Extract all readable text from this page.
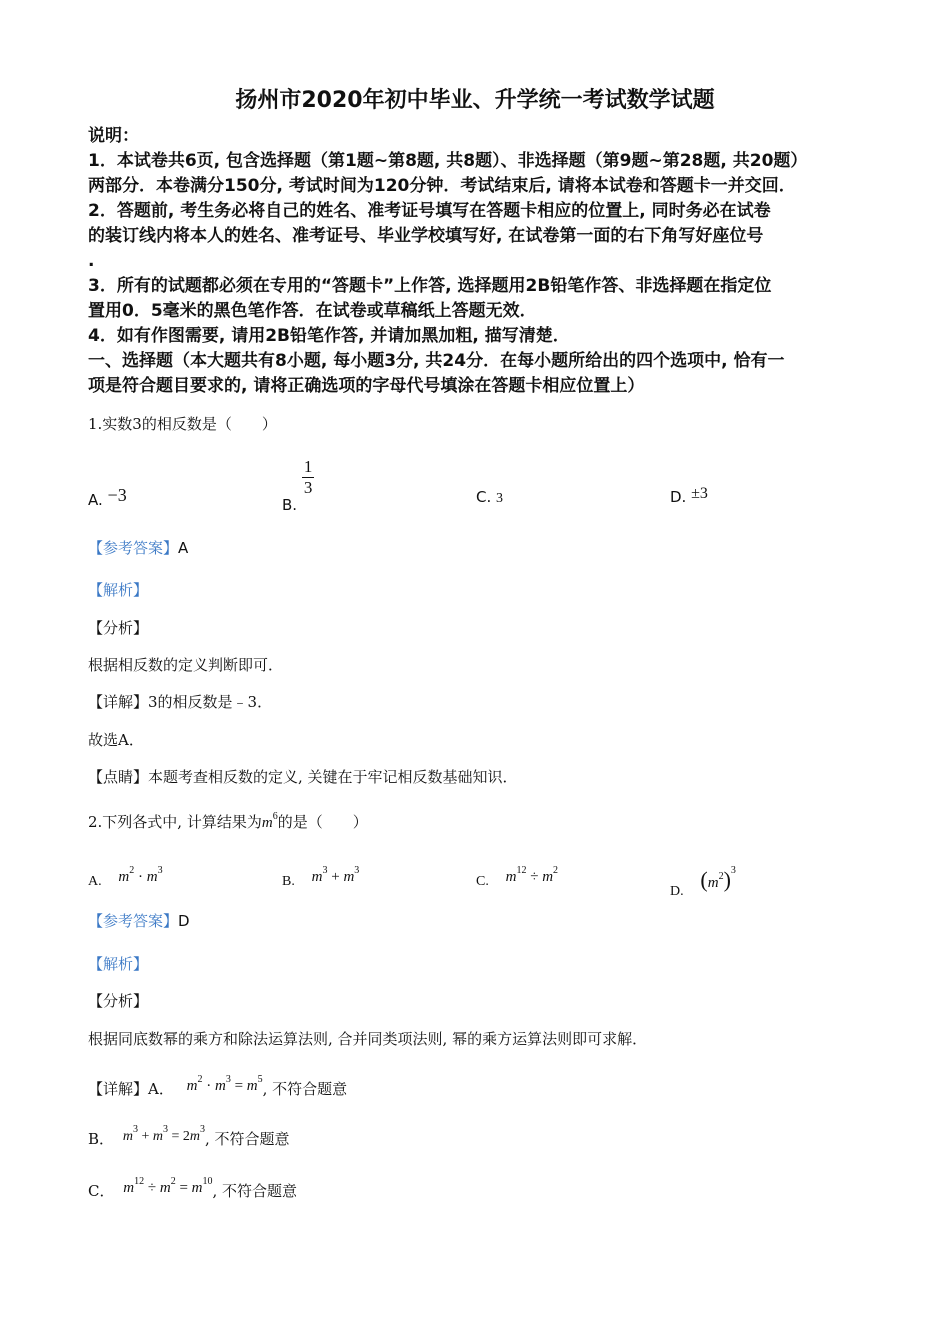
扬州市2020年初中毕业、升学统一考试数学试题
说明：
1．本试卷共6页, 包含选择题（第1题~第8题, 共8题）、非选择题（第9题~第28题, 共20题）
两部分．本卷满分150分, 考试时间为120分钟．考试结束后, 请将本试卷和答题卡一并交回．
2．答题前, 考生务必将自己的姓名、准考证号填写在答题卡相应的位置上, 同时务必在试卷
的装订线内将本人的姓名、准考证号、毕业学校填写好, 在试卷第一面的右下角写好座位号
.
3．所有的试题都必须在专用的“答题卡”上作答, 选择题用2B铅笔作答、非选择题在指定位
置用0．5毫米的黑色笔作答．在试卷或草稿纸上答题无效．
4．如有作图需要, 请用2B铅笔作答, 并请加黑加粗, 描写清楚．
一、选择题（本大题共有8小题, 每小题3分, 共24分．在每小题所给出的四个选项中, 恰有一
项是符合题目要求的, 请将正确选项的字母代号填涂在答题卡相应位置上）
1.实数3的相反数是（　　）
A. −3	B.
$\frac{1}{3}$	C. 3	D. ±3
【参考答案】A
【解析】
【分析】
根据相反数的定义判断即可．
【详解】3的相反数是﹣3．
故选A．
【点睛】本题考查相反数的定义, 关键在于牢记相反数基础知识．
2.下列各式中, 计算结果为$m^6$的是（　　）
A. $m^2 \cdot m^3$
B. $m^3 + m^3$
C. $m^{12} \div m^2$
D. $(m^2)^3$
【参考答案】D
【解析】
【分析】
根据同底数幂的乘方和除法运算法则, 合并同类项法则, 幂的乘方运算法则即可求解．
【详解】A． $m^2 \cdot m^3 = m^5$, 不符合题意
B． $m^3 + m^3 = 2m^3$, 不符合题意
C． $m^{12} \div m^2 = m^{10}$, 不符合题意
